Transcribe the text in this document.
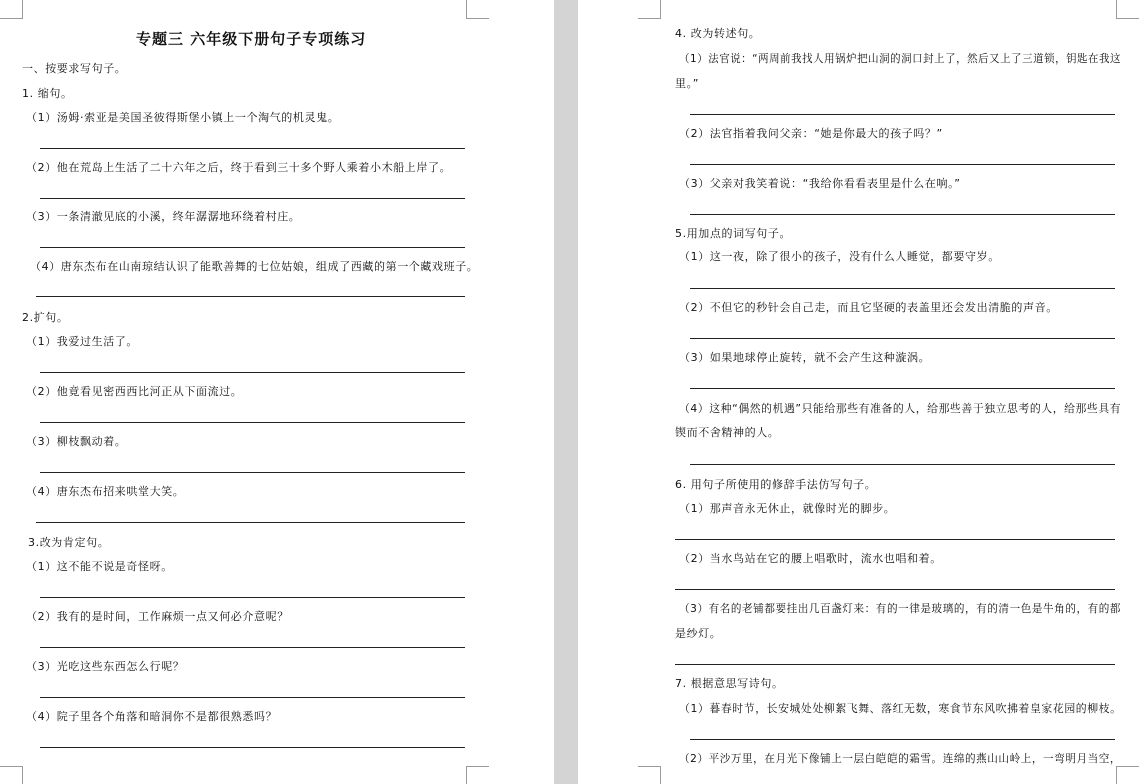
专题三 六年级下册句子专项练习
一、按要求写句子。
1. 缩句。
（1）汤姆·索亚是美国圣彼得斯堡小镇上一个淘气的机灵鬼。
（2）他在荒岛上生活了二十六年之后，终于看到三十多个野人乘着小木船上岸了。
（3）一条清澈见底的小溪，终年潺潺地环绕着村庄。
（4）唐东杰布在山南琼结认识了能歌善舞的七位姑娘，组成了西藏的第一个藏戏班子。
2.扩句。
（1）我爱过生活了。
（2）他竟看见密西西比河正从下面流过。
（3）柳枝飘动着。
（4）唐东杰布招来哄堂大笑。
3.改为肯定句。
（1）这不能不说是奇怪呀。
（2）我有的是时间，工作麻烦一点又何必介意呢？
（3）光吃这些东西怎么行呢？
（4）院子里各个角落和暗洞你不是都很熟悉吗？
4. 改为转述句。
（1）法官说：“两周前我找人用锅炉把山洞的洞口封上了，然后又上了三道锁，钥匙在我这
里。”
（2）法官指着我问父亲：“她是你最大的孩子吗？”
（3）父亲对我笑着说：“我给你看看表里是什么在响。”
5.用加点的词写句子。
（1）这一夜，除了很小的孩子，没有什么人睡觉，都要守岁。
（2）不但它的秒针会自己走，而且它坚硬的表盖里还会发出清脆的声音。
（3）如果地球停止旋转，就不会产生这种漩涡。
（4）这种“偶然的机遇”只能给那些有准备的人，给那些善于独立思考的人，给那些具有
锲而不舍精神的人。
6. 用句子所使用的修辞手法仿写句子。
（1）那声音永无休止，就像时光的脚步。
（2）当水鸟站在它的腰上唱歌时，流水也唱和着。
（3）有名的老铺都要挂出几百盏灯来：有的一律是玻璃的，有的清一色是牛角的，有的都
是纱灯。
7. 根据意思写诗句。
（1）暮春时节，长安城处处柳絮飞舞、落红无数，寒食节东风吹拂着皇家花园的柳枝。
（2）平沙万里，在月光下像铺上一层白皑皑的霜雪。连绵的燕山山岭上，一弯明月当空，
